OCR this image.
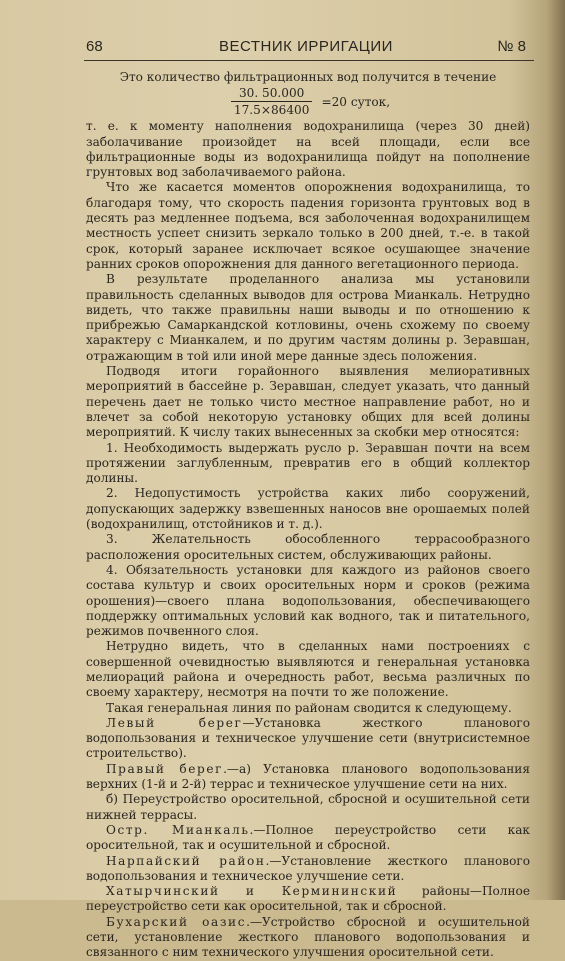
68	ВЕСТНИК ИРРИГАЦИИ	№ 8

Это количество фильтрационных вод получится в течение

$\frac{30. 50.000}{17.5\times 86400} =20$ суток,

т. е. к моменту наполнения водохранилища (через 30 дней) заболачивание произойдет на всей площади, если все фильтрационные воды из водохранилища пойдут на пополнение грунтовых вод заболачиваемого района.

Что же касается моментов опорожнения водохранилища, то благодаря тому, что скорость падения горизонта грунтовых вод в десять раз медленнее подъема, вся заболоченная водохранилищем местность успеет снизить зеркало только в 200 дней, т.-е. в такой срок, который заранее исключает всякое осушающее значение ранних сроков опорожнения для данного вегетационного периода.

В результате проделанного анализа мы установили правильность сделанных выводов для острова Мианкаль. Нетрудно видеть, что также правильны наши выводы и по отношению к прибрежью Самаркандской котловины, очень схожему по своему характеру с Мианкалем, и по другим частям долины р. Зеравшан, отражающим в той или иной мере данные здесь положения.

Подводя итоги горайонного выявления мелиоративных мероприятий в бассейне р. Зеравшан, следует указать, что данный перечень дает не только чисто местное направление работ, но и влечет за собой некоторую установку общих для всей долины мероприятий. К числу таких вынесенных за скобки мер относятся:

1. Необходимость выдержать русло р. Зеравшан почти на всем протяжении заглубленным, превратив его в общий коллектор долины.

2. Недопустимость устройства каких либо сооружений, допускающих задержку взвешенных наносов вне орошаемых полей (водохранилищ, отстойников и т. д.).

3. Желательность обособленного террасообразного расположения оросительных систем, обслуживающих районы.

4. Обязательность установки для каждого из районов своего состава культур и своих оросительных норм и сроков (режима орошения)—своего плана водопользования, обеспечивающего поддержку оптимальных условий как водного, так и питательного, режимов почвенного слоя.

Нетрудно видеть, что в сделанных нами построениях с совершенной очевидностью выявляются и генеральная установка мелиораций района и очередность работ, весьма различных по своему характеру, несмотря на почти то же положение.

Такая генеральная линия по районам сводится к следующему.

Левый берег—Установка жесткого планового водопользования и техническое улучшение сети (внутрисистемное строительство).

Правый берег.—а) Установка планового водопользования верхних (1-й и 2-й) террас и техническое улучшение сети на них.

б) Переустройство оросительной, сбросной и осушительной сети нижней террасы.

Остр. Мианкаль.—Полное переустройство сети как оросительной, так и осушительной и сбросной.

Нарпайский район.—Установление жесткого планового водопользования и техническое улучшение сети.

Хатырчинский и Кермининский районы—Полное переустройство сети как оросительной, так и сбросной.

Бухарский оазис.—Устройство сбросной и осушительной сети, установление жесткого планового водопользования и связанного с ним технического улучшения оросительной сети.
